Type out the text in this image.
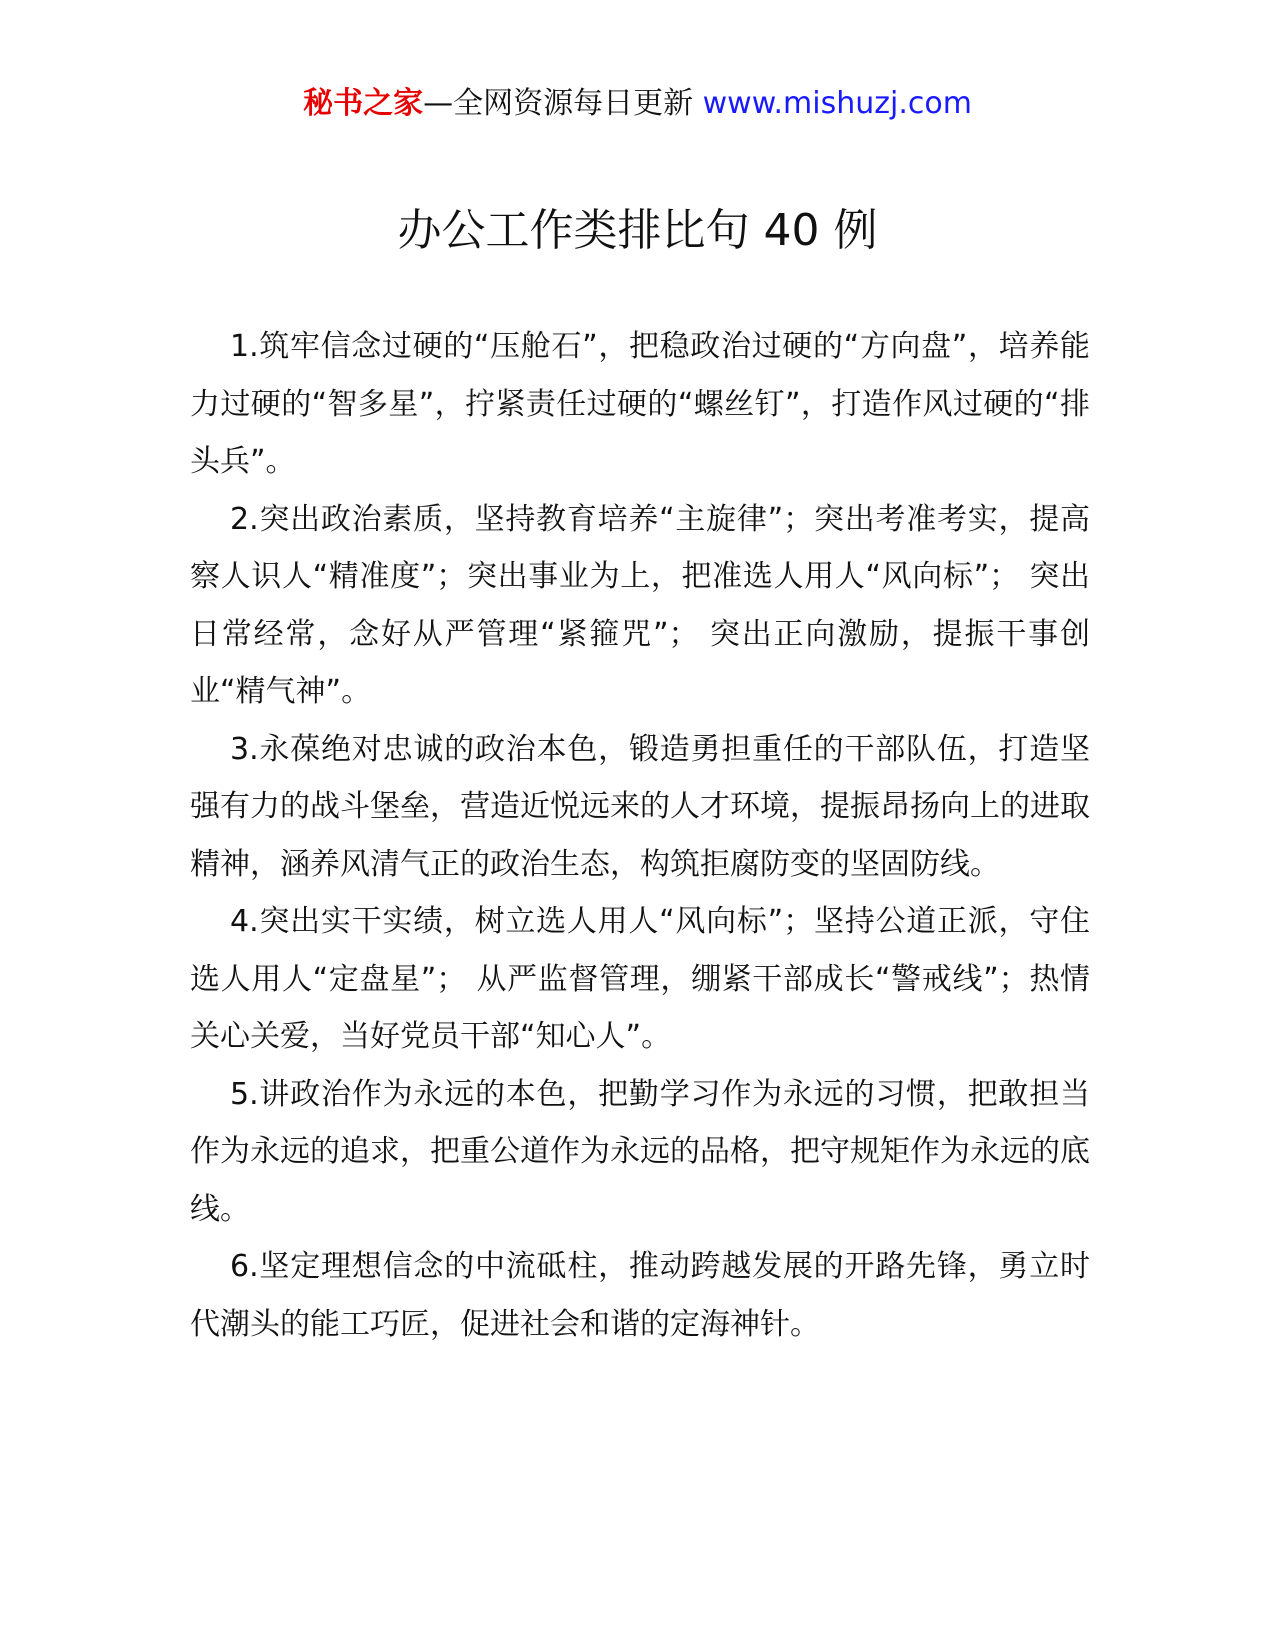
秘书之家—全网资源每日更新 www.mishuzj.com
办公工作类排比句 40 例

1.筑牢信念过硬的“压舱石”，把稳政治过硬的“方向盘”，培养能力过硬的“智多星”，拧紧责任过硬的“螺丝钉”，打造作风过硬的“排头兵”。

2.突出政治素质，坚持教育培养“主旋律”；突出考准考实，提高察人识人“精准度”；突出事业为上，把准选人用人“风向标”； 突出日常经常，念好从严管理“紧箍咒”； 突出正向激励，提振干事创业“精气神”。

3.永葆绝对忠诚的政治本色，锻造勇担重任的干部队伍，打造坚强有力的战斗堡垒，营造近悦远来的人才环境，提振昂扬向上的进取精神，涵养风清气正的政治生态，构筑拒腐防变的坚固防线。

4.突出实干实绩，树立选人用人“风向标”；坚持公道正派，守住选人用人“定盘星”； 从严监督管理，绷紧干部成长“警戒线”；热情关心关爱，当好党员干部“知心人”。

5.讲政治作为永远的本色，把勤学习作为永远的习惯，把敢担当作为永远的追求，把重公道作为永远的品格，把守规矩作为永远的底线。

6.坚定理想信念的中流砥柱，推动跨越发展的开路先锋，勇立时代潮头的能工巧匠，促进社会和谐的定海神针。
